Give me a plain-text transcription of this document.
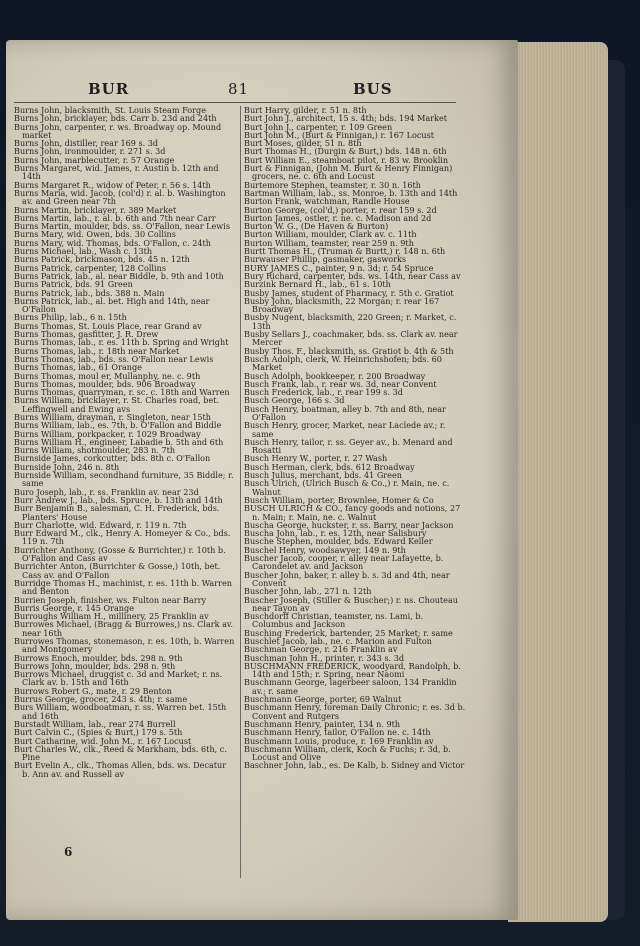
BUR	81	BUS
Burns John, blacksmith, St. Louis Steam Forge
Burns John, bricklayer, bds. Carr b. 23d and 24th
Burns John, carpenter, r. ws. Broadway op. Mound market
Burns John, distiller, rear 169 s. 3d
Burns John, ironmoulder, r. 271 s. 3d
Burns John, marblecutter, r. 57 Orange
Burns Margaret, wid. James, r. Austin b. 12th and 14th
Burns Margaret R., widow of Peter, r. 56 s. 14th
Burns Maria, wid. Jacob, (col'd) r. al. b. Washington av. and Green near 7th
Burns Martin, bricklayer, r. 389 Market
Burns Martin, lab., r. al. b. 6th and 7th near Carr
Burns Martin, moulder, bds. ss. O'Fallon, near Lewis
Burns Mary, wid. Owen, bds. 30 Collins
Burns Mary, wid. Thomas, bds. O'Fallon, c. 24th
Burns Michael, lab., Wash c. 13th
Burns Patrick, brickmason, bds. 45 n. 12th
Burns Patrick, carpenter, 128 Collins
Burns Patrick, lab., al. near Biddle, b. 9th and 10th
Burns Patrick, bds. 91 Green
Burns Patrick, lab., bds. 388 n. Main
Burns Patrick, lab., al. bet. High and 14th, near O'Fallon
Burns Philip, lab., 6 n. 15th
Burns Thomas, St. Louis Place, rear Grand av
Burns Thomas, gasfitter, J. R. Drew
Burns Thomas, lab., r. es. 11th b. Spring and Wright
Burns Thomas, lab., r. 18th near Market
Burns Thomas, lab., bds. ss. O'Fallon near Lewis
Burns Thomas, lab., 61 Orange
Burns Thomas, moul er, Mullanphy, ne. c. 9th
Burns Thomas, moulder, bds. 906 Broadway
Burns Thomas, quarryman, r. sc. c. 18th and Warren
Burns William, bricklayer, r. St. Charles road, bet. Leffingwell and Ewing avs
Burns William, drayman, r. Singleton, near 15th
Burns William, lab., es. 7th, b. O'Fallon and Biddle
Burns William, porkpacker, r. 1029 Broadway
Burns William H., engineer, Labadie b. 5th and 6th
Burns William, shotmoulder, 283 n. 7th
Burnside James, corkcutter, bds. 8th c. O'Fallon
Burnside John, 246 n. 8th
Burnside William, secondhand furniture, 35 Biddle; r. same
Buro Joseph, lab., r. ss. Franklin av. near 23d
Burr Andrew J., lab., bds. Spruce, b. 13th and 14th
Burr Benjamin B., salesman, C. H. Frederick, bds. Planters' House
Burr Charlotte, wid. Edward, r. 119 n. 7th
Burr Edward M., clk., Henry A. Homeyer & Co., bds. 119 n. 7th
Burrichter Anthony, (Gosse & Burrichter,) r. 10th b. O'Fallon and Cass av
Burrichter Anton, (Burrichter & Gosse,) 10th, bet. Cass av. and O'Fallon
Burridge Thomas H., machinist, r. es. 11th b. Warren and Benton
Burrien Joseph, finisher, ws. Fulton near Barry
Burris George, r. 145 Orange
Burroughs William H., millinery, 25 Franklin av
Burrowes Michael, (Bragg & Burrowes,) ns. Clark av. near 16th
Burrowes Thomas, stonemason, r. es. 10th, b. Warren and Montgomery
Burrows Enoch, moulder, bds. 298 n. 9th
Burrows John, moulder, bds. 298 n. 9th
Burrows Michael, druggist c. 3d and Market; r. ns. Clark av. b. 15th and 16th
Burrows Robert G., mate, r. 29 Benton
Burrus George, grocer, 243 s. 4th; r. same
Burs William, woodboatman, r. ss. Warren bet. 15th and 16th
Burstadt William, lab., rear 274 Burrell
Burt Calvin C., (Spies & Burt,) 179 s. 5th
Burt Catharine, wid. John M., r. 167 Locust
Burt Charles W., clk., Reed & Markham, bds. 6th, c. Pine
Burt Evelin A., clk., Thomas Allen, bds. ws. Decatur b. Ann av. and Russell av
Burt Harry, gilder, r. 51 n. 8th
Burt John J., architect, 15 s. 4th; bds. 194 Market
Burt John J., carpenter, r. 109 Green
Burt John M., (Burt & Finnigan,) r. 167 Locust
Burt Moses, gilder, 51 n. 8th
Burt Thomas H., (Durgin & Burt,) bds. 148 n. 6th
Burt William E., steamboat pilot, r. 83 w. Brooklin
Burt & Finnigan, (John M. Burt & Henry Finnigan) grocers, ne. c. 6th and Locust
Burtemore Stephen, teamster, r. 30 n. 16th
Bartman William, lab., ss. Monroe, b. 13th and 14th
Burton Frank, watchman, Randle House
Burton George, (col'd,) porter, r. rear 159 s. 2d
Burton James, ostler, r. ne. c. Madison and 2d
Burton W. G., (De Haven & Burton)
Burton William, moulder, Clark av. c. 11th
Burton William, teamster, rear 259 n. 9th
Burtt Thomas H., (Truman & Burtt,) r. 148 n. 6th
Burwauser Phillip, gasmaker, gasworks
BURY JAMES C., painter, 9 n. 3d; r. 54 Spruce
Bury Richard, carpenter, bds. ws. 14th, near Cass av
Burzink Bernard H., lab., 61 s. 10th
Busby James, student of Pharmacy, r. 5th c. Gratiot
Busby John, blacksmith, 22 Morgan; r. rear 167 Broadway
Busby Nugent, blacksmith, 220 Green; r. Market, c. 13th
Busby Sellars J., coachmaker, bds. ss. Clark av. near Mercer
Busby Thos. F., blacksmith, ss. Gratiot b. 4th & 5th
Busch Adolph, clerk, W. Heinrichshofen; bds. 60 Market
Busch Adolph, bookkeeper, r. 200 Broadway
Busch Frank, lab., r. rear ws. 3d, near Convent
Busch Frederick, lab., r. rear 199 s. 3d
Busch George, 166 s. 3d
Busch Henry, boatman, alley b. 7th and 8th, near O'Fallon
Busch Henry, grocer, Market, near Laclede av.; r. same
Busch Henry, tailor, r. ss. Geyer av., b. Menard and Rosatti
Busch Henry W., porter, r. 27 Wash
Busch Herman, clerk, bds. 612 Broadway
Busch Julius, merchant, bds. 41 Green
Busch Ulrich, (Ulrich Busch & Co.,) r. Main, ne. c. Walnut
Busch William, porter, Brownlee, Homer & Co
BUSCH ULRICH & CO., fancy goods and notions, 27 n. Main; r. Main, ne. c. Walnut
Buscha George, huckster, r. ss. Barry, near Jackson
Buscha John, lab., r. es. 12th, near Salisbury
Busche Stephen, moulder, bds. Edward Keller
Buschel Henry, woodsawyer, 149 n. 9th
Buscher Jacob, cooper, r. alley near Lafayette, b. Carondelet av. and Jackson
Buscher John, baker, r. alley b. s. 3d and 4th, near Convent
Buscher John, lab., 271 n. 12th
Buscher Joseph, (Stiller & Buscher;) r. ns. Chouteau near Tayon av
Buschdorff Christian, teamster, ns. Lami, b. Columbus and Jackson
Busching Frederick, bartender, 25 Market; r. same
Buschlet Jacob, lab., ne. c. Marion and Fulton
Buschman George, r. 216 Franklin av
Buschman John H., printer, r. 343 s. 3d
BUSCHMANN FREDERICK, woodyard, Randolph, b. 14th and 15th; r. Spring, near Naomi
Buschmann George, lagerbeer saloon, 134 Franklin av.; r. same
Buschmann George, porter, 69 Walnut
Buschmann Henry, foreman Daily Chronic; r. es. 3d b. Convent and Rutgers
Buschmann Henry, painter, 134 n. 9th
Buschmann Henry, tailor, O'Fallon ne. c. 14th
Buschmann Louis, produce, r. 169 Franklin av
Buschmann William, clerk, Koch & Fuchs; r. 3d, b. Locust and Olive
Baschner John, lab., es. De Kalb, b. Sidney and Victor
6
